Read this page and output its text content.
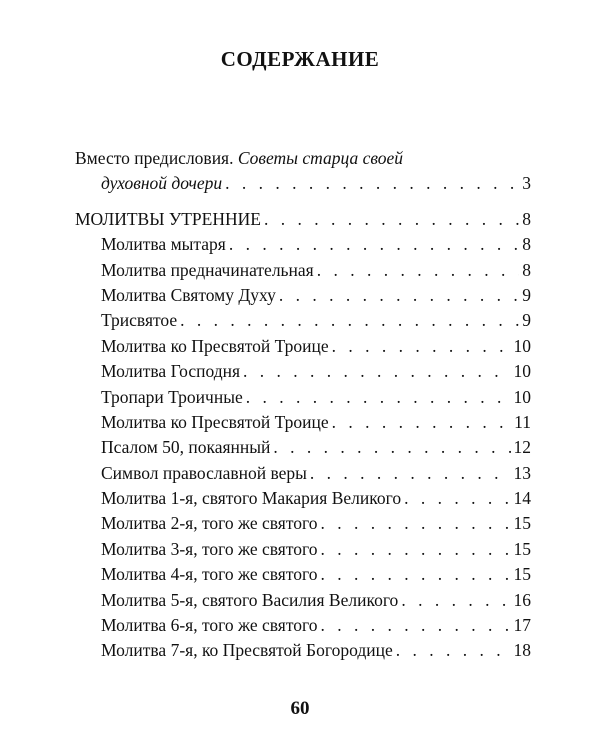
СОДЕРЖАНИЕ
Вместо предисловия. Советы старца своей
духовной дочери . . .	3
МОЛИТВЫ УТРЕННИЕ . . .	8
Молитва мытаря . . .	8
Молитва предначинательная . . .	8
Молитва Святому Духу . . .	9
Трисвятое . . .	9
Молитва ко Пресвятой Троице . . .	10
Молитва Господня . . .	10
Тропари Троичные . . .	10
Молитва ко Пресвятой Троице . . .	11
Псалом 50, покаянный . . .	12
Символ православной веры . . .	13
Молитва 1-я, святого Макария Великого . . .	14
Молитва 2-я, того же святого . . .	15
Молитва 3-я, того же святого . . .	15
Молитва 4-я, того же святого . . .	15
Молитва 5-я, святого Василия Великого . . .	16
Молитва 6-я, того же святого . . .	17
Молитва 7-я, ко Пресвятой Богородице . . .	18
60
